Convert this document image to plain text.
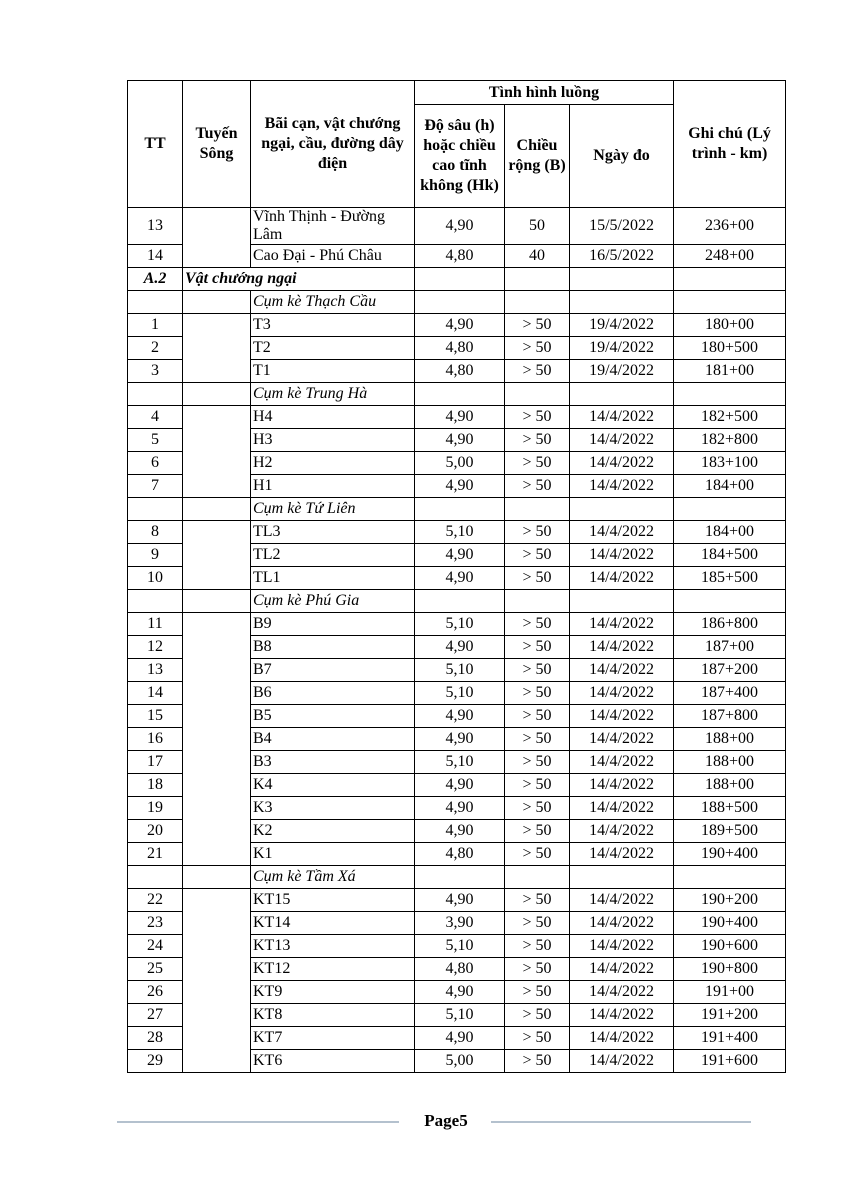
TT	Tuyến Sông	Bãi cạn, vật chướng ngại, cầu, đường dây điện	Tình hình luồng			Ghi chú (Lý trình - km)
			Độ sâu (h) hoặc chiều cao tĩnh không (Hk)	Chiều rộng (B)	Ngày đo	
13		Vĩnh Thịnh - Đường Lâm	4,90	50	15/5/2022	236+00
14		Cao Đại - Phú Châu	4,80	40	16/5/2022	248+00
A.2	Vật chướng ngại					
		Cụm kè Thạch Cầu				
1		T3	4,90	> 50	19/4/2022	180+00
2		T2	4,80	> 50	19/4/2022	180+500
3		T1	4,80	> 50	19/4/2022	181+00
		Cụm kè Trung Hà				
4		H4	4,90	> 50	14/4/2022	182+500
5		H3	4,90	> 50	14/4/2022	182+800
6		H2	5,00	> 50	14/4/2022	183+100
7		H1	4,90	> 50	14/4/2022	184+00
		Cụm kè Tứ Liên				
8		TL3	5,10	> 50	14/4/2022	184+00
9		TL2	4,90	> 50	14/4/2022	184+500
10		TL1	4,90	> 50	14/4/2022	185+500
		Cụm kè Phú Gia				
11		B9	5,10	> 50	14/4/2022	186+800
12		B8	4,90	> 50	14/4/2022	187+00
13		B7	5,10	> 50	14/4/2022	187+200
14		B6	5,10	> 50	14/4/2022	187+400
15		B5	4,90	> 50	14/4/2022	187+800
16		B4	4,90	> 50	14/4/2022	188+00
17		B3	5,10	> 50	14/4/2022	188+00
18		K4	4,90	> 50	14/4/2022	188+00
19		K3	4,90	> 50	14/4/2022	188+500
20		K2	4,90	> 50	14/4/2022	189+500
21		K1	4,80	> 50	14/4/2022	190+400
		Cụm kè Tầm Xá				
22		KT15	4,90	> 50	14/4/2022	190+200
23		KT14	3,90	> 50	14/4/2022	190+400
24		KT13	5,10	> 50	14/4/2022	190+600
25		KT12	4,80	> 50	14/4/2022	190+800
26		KT9	4,90	> 50	14/4/2022	191+00
27		KT8	5,10	> 50	14/4/2022	191+200
28		KT7	4,90	> 50	14/4/2022	191+400
29		KT6	5,00	> 50	14/4/2022	191+600
Page5
